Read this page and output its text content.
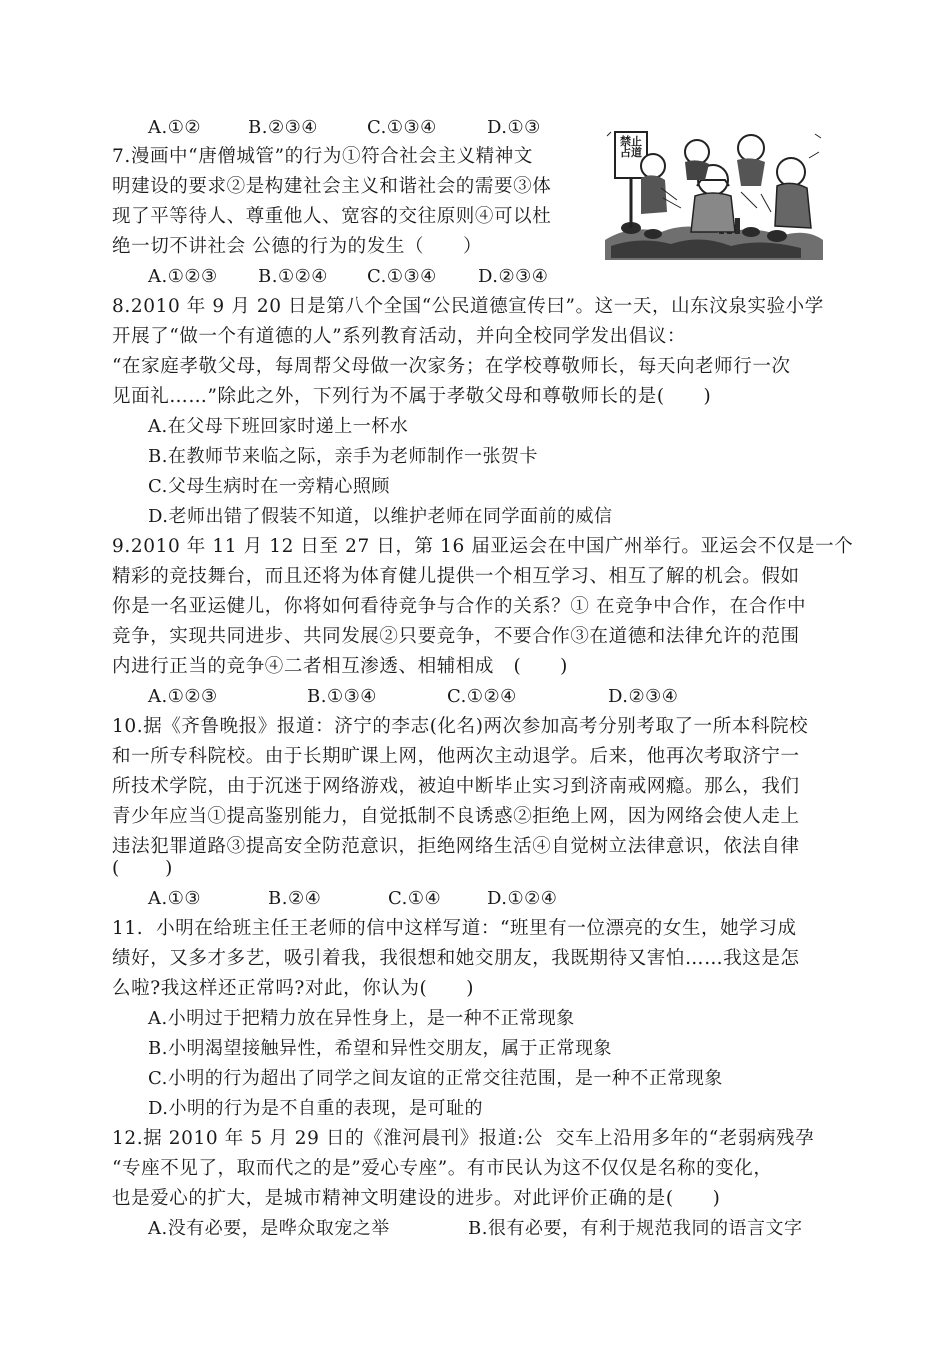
A.①②	B.②③④	C.①③④	D.①③
7.漫画中“唐僧城管”的行为①符合社会主义精神文
明建设的要求②是构建社会主义和谐社会的需要③体
现了平等待人、尊重他人、宽容的交往原则④可以杜
绝一切不讲社会 公德的行为的发生（      ）
A.①②③ B.①②④ C.①③④ D.②③④
禁止占道
8.2010 年 9 月 20 日是第八个全国“公民道德宣传曰”。这一天，山东汶泉实验小学
开展了“做一个有道德的人”系列教育活动，并向全校同学发出倡议：
“在家庭孝敬父母，每周帮父母做一次家务；在学校尊敬师长，每天向老师行一次
见面礼……”除此之外，下列行为不属于孝敬父母和尊敬师长的是(      )
A.在父母下班回家时递上一杯水
B.在教师节来临之际，亲手为老师制作一张贺卡
C.父母生病时在一旁精心照顾
D.老师出错了假装不知道，以维护老师在同学面前的威信
9.2010 年 11 月 12 日至 27 日，第 16 届亚运会在中国广州举行。亚运会不仅是一个
精彩的竞技舞台，而且还将为体育健儿提供一个相互学习、相互了解的机会。假如
你是一名亚运健儿，你将如何看待竞争与合作的关系？① 在竞争中合作，在合作中
竞争，实现共同进步、共同发展②只要竞争，不要合作③在道德和法律允许的范围
内进行正当的竞争④二者相互渗透、相辅相成   (      )
A.①②③	B.①③④	C.①②④	D.②③④
10.据《齐鲁晚报》报道：济宁的李志(化名)两次参加高考分别考取了一所本科院校
和一所专科院校。由于长期旷课上网，他两次主动退学。后来，他再次考取济宁一
所技术学院，由于沉迷于网络游戏，被迫中断毕止实习到济南戒网瘾。那么，我们
青少年应当①提高鉴别能力，自觉抵制不良诱惑②拒绝上网，因为网络会使人走上
违法犯罪道路③提高安全防范意识，拒绝网络生活④自觉树立法律意识，依法自律
(       )
A.①③	B.②④	C.①④	D.①②④
11.  小明在给班主任王老师的信中这样写道：“班里有一位漂亮的女生，她学习成
绩好，又多才多艺，吸引着我，我很想和她交朋友，我既期待又害怕……我这是怎
么啦?我这样还正常吗?对此，你认为(      )
A.小明过于把精力放在异性身上，是一种不正常现象
B.小明渴望接触异性，希望和异性交朋友，属于正常现象
C.小明的行为超出了同学之间友谊的正常交往范围，是一种不正常现象
D.小明的行为是不自重的表现，是可耻的
12.据 2010 年 5 月 29 日的《淮河晨刊》报道:公  交车上沿用多年的“老弱病残孕
“专座不见了，取而代之的是”爱心专座”。有市民认为这不仅仅是名称的变化，
也是爱心的扩大，是城市精神文明建设的进步。对此评价正确的是(      )
A.没有必要，是哗众取宠之举	B.很有必要，有利于规范我同的语言文字
